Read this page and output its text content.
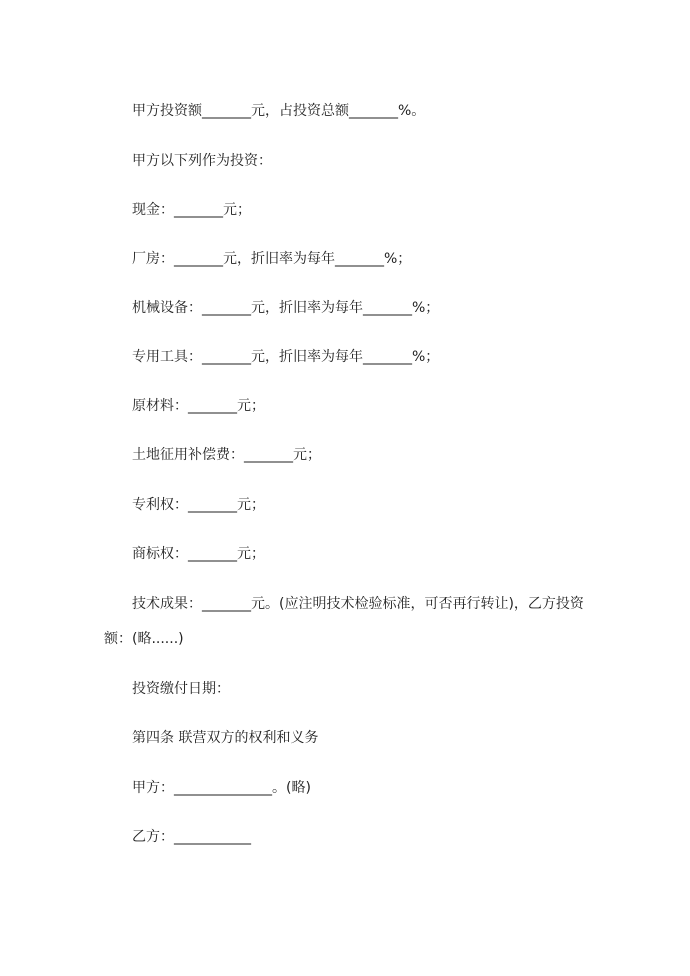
甲方投资额_______元，占投资总额_______%。
甲方以下列作为投资：
现金：_______元；
厂房：_______元，折旧率为每年_______%；
机械设备：_______元，折旧率为每年_______%；
专用工具：_______元，折旧率为每年_______%；
原材料：_______元；
土地征用补偿费：_______元；
专利权：_______元；
商标权：_______元；
技术成果：_______元。(应注明技术检验标准，可否再行转让)，乙方投资
额：(略......)
投资缴付日期：
第四条 联营双方的权利和义务
甲方：______________。(略)
乙方：___________
